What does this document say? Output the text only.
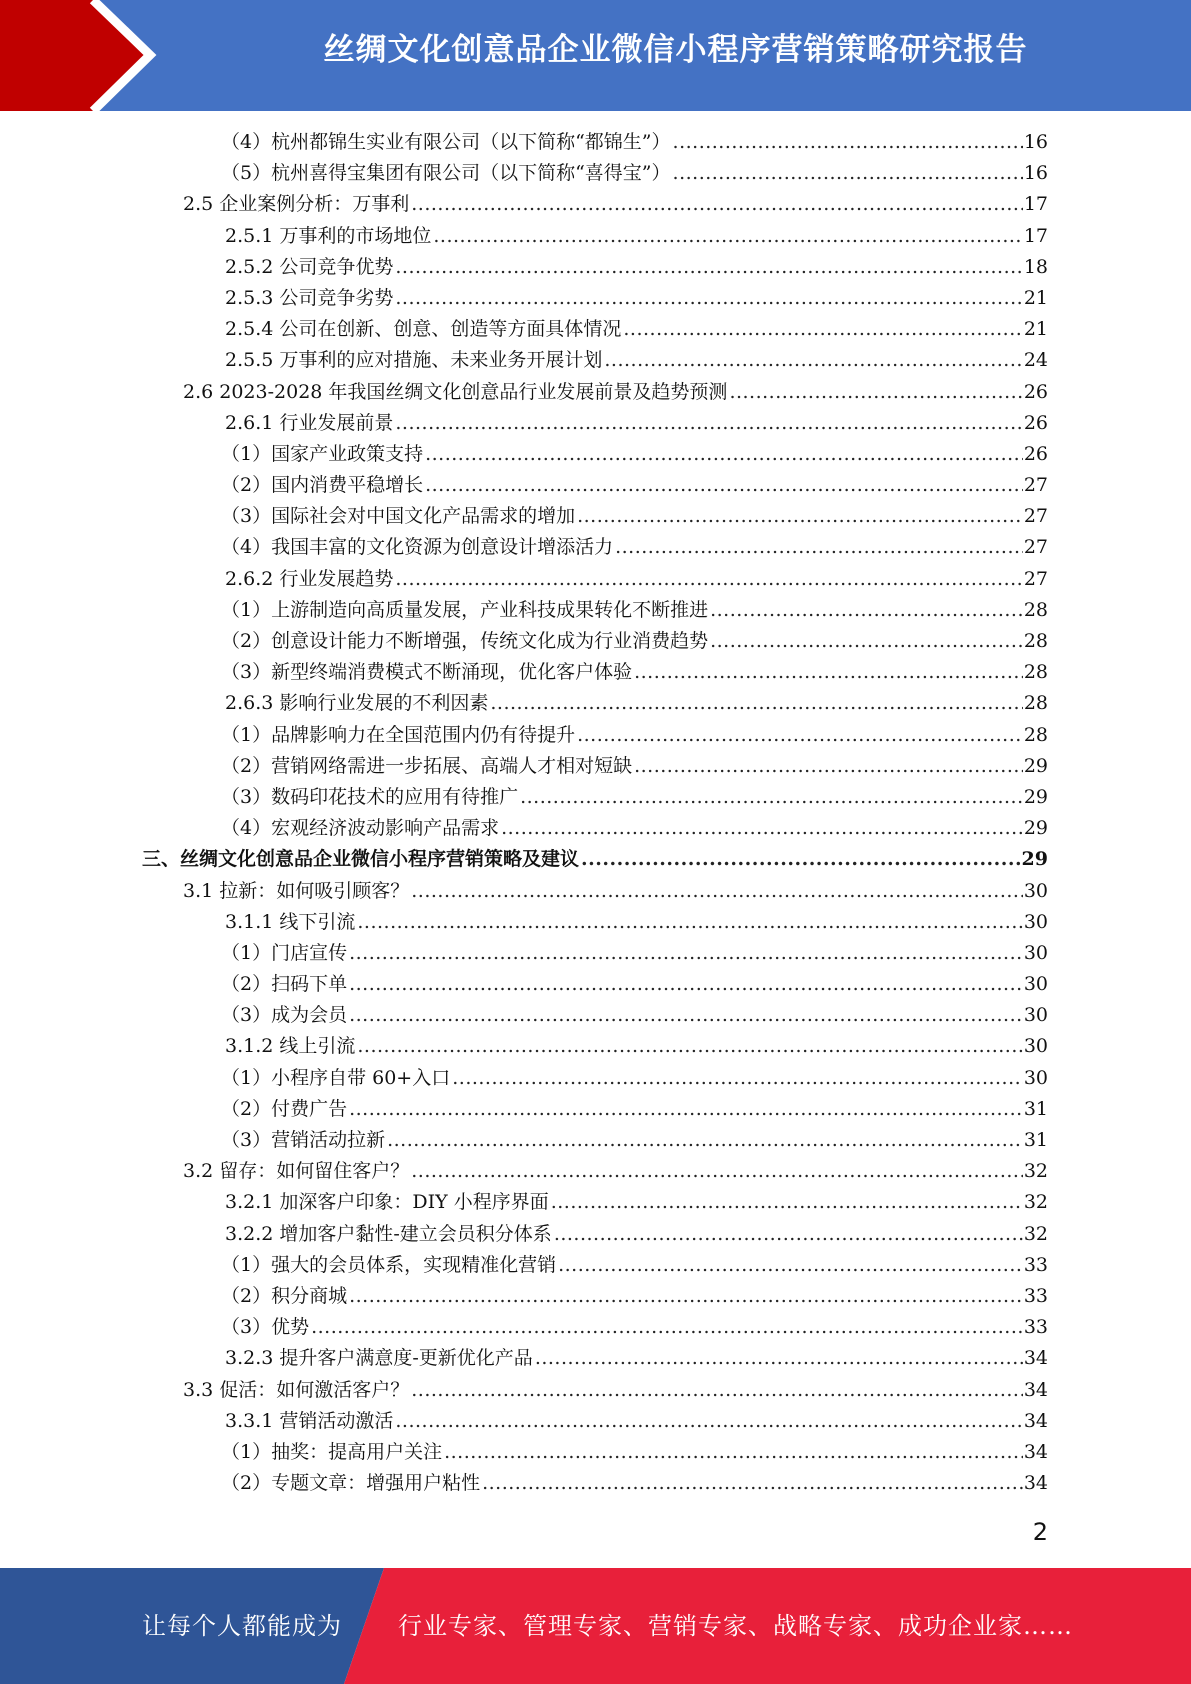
丝绸文化创意品企业微信小程序营销策略研究报告
（4）杭州都锦生实业有限公司（以下简称“都锦生”） .....	16
（5）杭州喜得宝集团有限公司（以下简称“喜得宝”） .....	16
2.5 企业案例分析：万事利 .....	17
2.5.1 万事利的市场地位 .....	17
2.5.2 公司竞争优势 .....	18
2.5.3 公司竞争劣势 .....	21
2.5.4 公司在创新、创意、创造等方面具体情况 .....	21
2.5.5 万事利的应对措施、未来业务开展计划 .....	24
2.6 2023-2028 年我国丝绸文化创意品行业发展前景及趋势预测 .....	26
2.6.1 行业发展前景 .....	26
（1）国家产业政策支持 .....	26
（2）国内消费平稳增长 .....	27
（3）国际社会对中国文化产品需求的增加 .....	27
（4）我国丰富的文化资源为创意设计增添活力 .....	27
2.6.2 行业发展趋势 .....	27
（1）上游制造向高质量发展，产业科技成果转化不断推进 .....	28
（2）创意设计能力不断增强，传统文化成为行业消费趋势 .....	28
（3）新型终端消费模式不断涌现，优化客户体验 .....	28
2.6.3 影响行业发展的不利因素 .....	28
（1）品牌影响力在全国范围内仍有待提升 .....	28
（2）营销网络需进一步拓展、高端人才相对短缺 .....	29
（3）数码印花技术的应用有待推广 .....	29
（4）宏观经济波动影响产品需求 .....	29
三、丝绸文化创意品企业微信小程序营销策略及建议 .....	29
3.1 拉新：如何吸引顾客？ .....	30
3.1.1 线下引流 .....	30
（1）门店宣传 .....	30
（2）扫码下单 .....	30
（3）成为会员 .....	30
3.1.2 线上引流 .....	30
（1）小程序自带 60+入口 .....	30
（2）付费广告 .....	31
（3）营销活动拉新 .....	31
3.2 留存：如何留住客户？ .....	32
3.2.1 加深客户印象：DIY 小程序界面 .....	32
3.2.2 增加客户黏性-建立会员积分体系 .....	32
（1）强大的会员体系，实现精准化营销 .....	33
（2）积分商城 .....	33
（3）优势 .....	33
3.2.3 提升客户满意度-更新优化产品 .....	34
3.3 促活：如何激活客户？ .....	34
3.3.1 营销活动激活 .....	34
（1）抽奖：提高用户关注 .....	34
（2）专题文章：增强用户粘性 .....	34
2
让每个人都能成为 行业专家、管理专家、营销专家、战略专家、成功企业家……
